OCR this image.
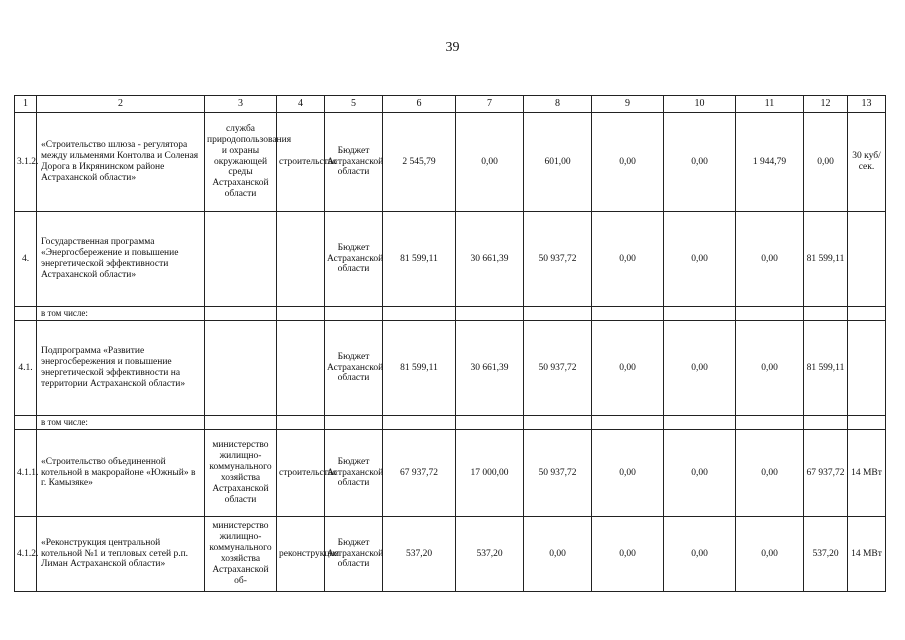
39
1	2	3	4	5	6	7	8	9	10	11	12	13
3.1.2.	«Строительство шлюза - регулятора между ильменями Контолва и Соленая Дорога в Икрянинском районе Астраханской области»	служба природопользования и охраны окружающей среды Астраханской области	строительство	Бюджет Астраханской области	2 545,79	0,00	601,00	0,00	0,00	1 944,79	0,00	30 куб/сек.
4.	Государственная программа «Энергосбережение и повышение энергетической эффективности Астраханской области»			Бюджет Астраханской области	81 599,11	30 661,39	50 937,72	0,00	0,00	0,00	81 599,11	
	в том числе:											
4.1.	Подпрограмма «Развитие энергосбережения и повышение энергетической эффективности на территории Астраханской области»			Бюджет Астраханской области	81 599,11	30 661,39	50 937,72	0,00	0,00	0,00	81 599,11	
	в том числе:											
4.1.1.	«Строительство объединенной котельной в макрорайоне «Южный» в г. Камызяке»	министерство жилищно-коммунального хозяйства Астраханской области	строительство	Бюджет Астраханской области	67 937,72	17 000,00	50 937,72	0,00	0,00	0,00	67 937,72	14 МВт
4.1.2.	«Реконструкция центральной котельной №1 и тепловых сетей р.п. Лиман Астраханской области»	министерство жилищно-коммунального хозяйства Астраханской об-	реконструкция	Бюджет Астраханской области	537,20	537,20	0,00	0,00	0,00	0,00	537,20	14 МВт
